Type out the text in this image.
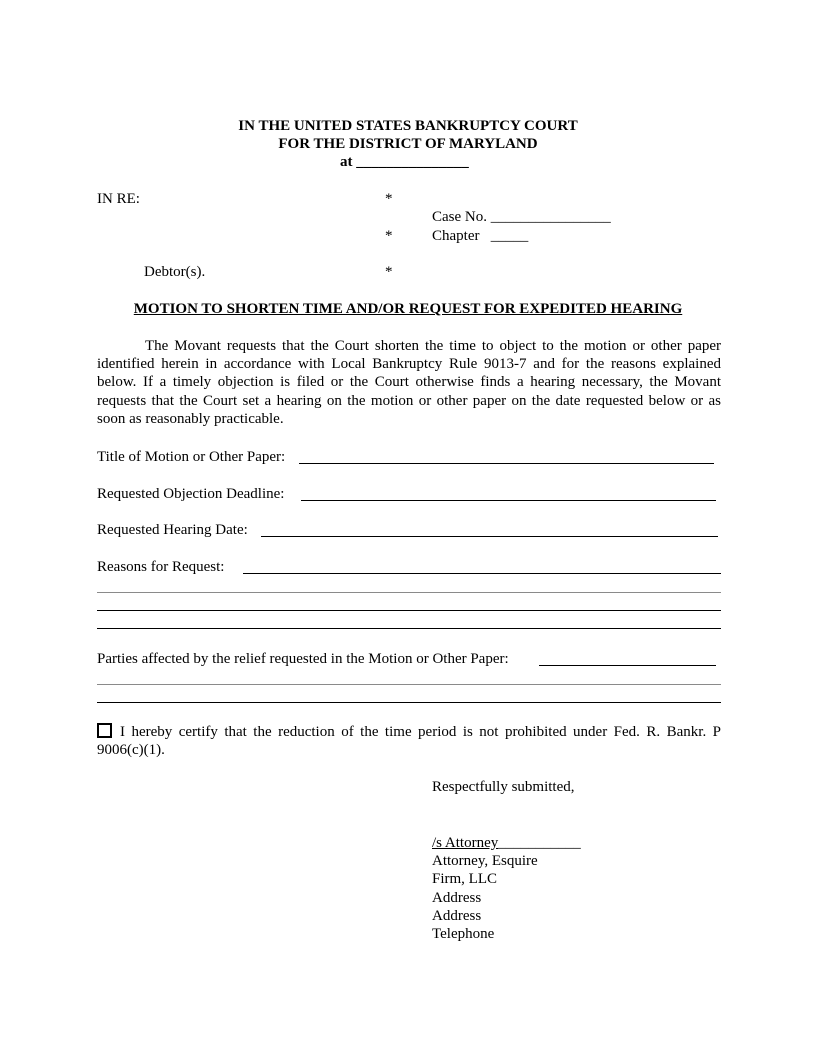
IN THE UNITED STATES BANKRUPTCY COURT
FOR THE DISTRICT OF MARYLAND
at _______________
IN RE:	*
Case No. ________________
*	Chapter _____
Debtor(s).	*
MOTION TO SHORTEN TIME AND/OR REQUEST FOR EXPEDITED HEARING
The Movant requests that the Court shorten the time to object to the motion or other paper identified herein in accordance with Local Bankruptcy Rule 9013-7 and for the reasons explained below. If a timely objection is filed or the Court otherwise finds a hearing necessary, the Movant requests that the Court set a hearing on the motion or other paper on the date requested below or as soon as reasonably practicable.
Title of Motion or Other Paper:
Requested Objection Deadline:
Requested Hearing Date:
Reasons for Request:
Parties affected by the relief requested in the Motion or Other Paper:
I hereby certify that the reduction of the time period is not prohibited under Fed. R. Bankr. P
9006(c)(1).
Respectfully submitted,
/s Attorney___________
Attorney, Esquire
Firm, LLC
Address
Address
Telephone
